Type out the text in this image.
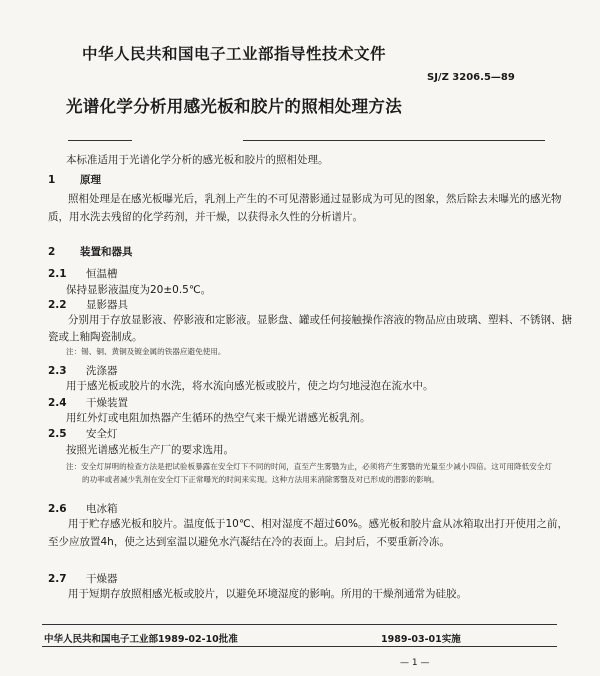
中华人民共和国电子工业部指导性技术文件
SJ/Z 3206.5—89
光谱化学分析用感光板和胶片的照相处理方法
本标准适用于光谱化学分析的感光板和胶片的照相处理。
1 原理
照相处理是在感光板曝光后，乳剂上产生的不可见潜影通过显影成为可见的图象，然后除去未曝光的感光物质，用水洗去残留的化学药剂，并干燥，以获得永久性的分析谱片。
2 装置和器具
2.1 恒温槽
保持显影液温度为20±0.5℃。
2.2 显影器具
分别用于存放显影液、停影液和定影液。显影盘、罐或任何接触操作溶液的物品应由玻璃、塑料、不锈钢、搪瓷或上釉陶瓷制成。
注：锡、铜、黄铜及镀金属的铁器应避免使用。
2.3 洗涤器
用于感光板或胶片的水洗，将水流向感光板或胶片，使之均匀地浸泡在流水中。
2.4 干燥装置
用红外灯或电阻加热器产生循环的热空气来干燥光谱感光板乳剂。
2.5 安全灯
按照光谱感光板生产厂的要求选用。
注：安全灯屏明的检查方法是把试验板暴露在安全灯下不同的时间，直至产生雾翳为止，必须将产生雾翳的光量至少减小四倍。这可用降低安全灯的功率或者减少乳剂在安全灯下正常曝光的时间来实现。这种方法用来消除雾翳及对已形成的潜影的影响。
2.6 电冰箱
用于贮存感光板和胶片。温度低于10℃、相对湿度不超过60%。感光板和胶片盒从冰箱取出打开使用之前，至少应放置4h，使之达到室温以避免水汽凝结在冷的表面上。启封后，不要重新冷冻。
2.7 干燥器
用于短期存放照相感光板或胶片，以避免环境湿度的影响。所用的干燥剂通常为硅胶。
中华人民共和国电子工业部1989-02-10批准	1989-03-01实施
— 1 —
